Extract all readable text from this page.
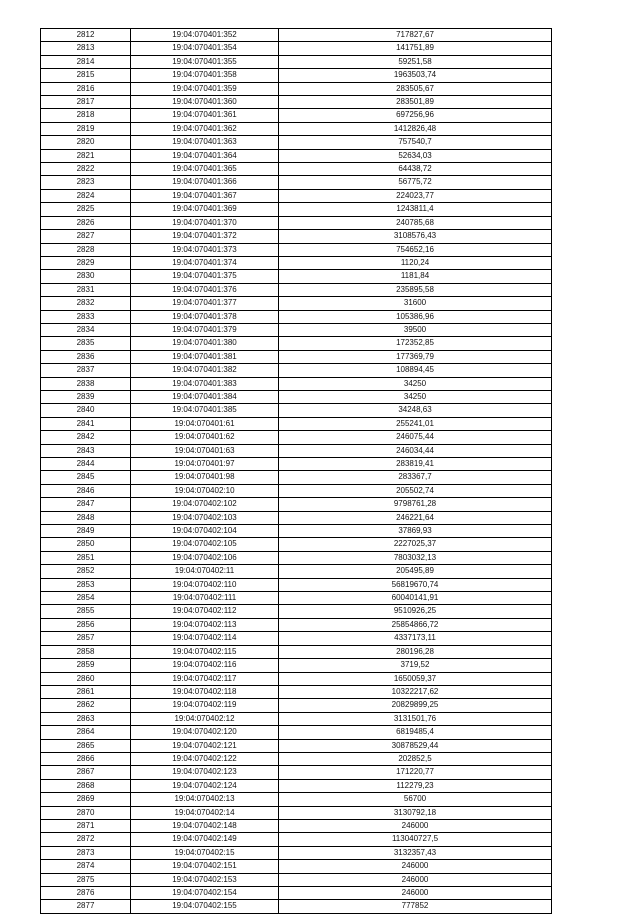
2812	19:04:070401:352	717827,67
2813	19:04:070401:354	141751,89
2814	19:04:070401:355	59251,58
2815	19:04:070401:358	1963503,74
2816	19:04:070401:359	283505,67
2817	19:04:070401:360	283501,89
2818	19:04:070401:361	697256,96
2819	19:04:070401:362	1412826,48
2820	19:04:070401:363	757540,7
2821	19:04:070401:364	52634,03
2822	19:04:070401:365	64438,72
2823	19:04:070401:366	56775,72
2824	19:04:070401:367	224023,77
2825	19:04:070401:369	1243811,4
2826	19:04:070401:370	240785,68
2827	19:04:070401:372	3108576,43
2828	19:04:070401:373	754652,16
2829	19:04:070401:374	1120,24
2830	19:04:070401:375	1181,84
2831	19:04:070401:376	235895,58
2832	19:04:070401:377	31600
2833	19:04:070401:378	105386,96
2834	19:04:070401:379	39500
2835	19:04:070401:380	172352,85
2836	19:04:070401:381	177369,79
2837	19:04:070401:382	108894,45
2838	19:04:070401:383	34250
2839	19:04:070401:384	34250
2840	19:04:070401:385	34248,63
2841	19:04:070401:61	255241,01
2842	19:04:070401:62	246075,44
2843	19:04:070401:63	246034,44
2844	19:04:070401:97	283819,41
2845	19:04:070401:98	283367,7
2846	19:04:070402:10	205502,74
2847	19:04:070402:102	9798761,28
2848	19:04:070402:103	246221,64
2849	19:04:070402:104	37869,93
2850	19:04:070402:105	2227025,37
2851	19:04:070402:106	7803032,13
2852	19:04:070402:11	205495,89
2853	19:04:070402:110	56819670,74
2854	19:04:070402:111	60040141,91
2855	19:04:070402:112	9510926,25
2856	19:04:070402:113	25854866,72
2857	19:04:070402:114	4337173,11
2858	19:04:070402:115	280196,28
2859	19:04:070402:116	3719,52
2860	19:04:070402:117	1650059,37
2861	19:04:070402:118	10322217,62
2862	19:04:070402:119	20829899,25
2863	19:04:070402:12	3131501,76
2864	19:04:070402:120	6819485,4
2865	19:04:070402:121	30878529,44
2866	19:04:070402:122	202852,5
2867	19:04:070402:123	171220,77
2868	19:04:070402:124	112279,23
2869	19:04:070402:13	56700
2870	19:04:070402:14	3130792,18
2871	19:04:070402:148	246000
2872	19:04:070402:149	113040727,5
2873	19:04:070402:15	3132357,43
2874	19:04:070402:151	246000
2875	19:04:070402:153	246000
2876	19:04:070402:154	246000
2877	19:04:070402:155	777852
